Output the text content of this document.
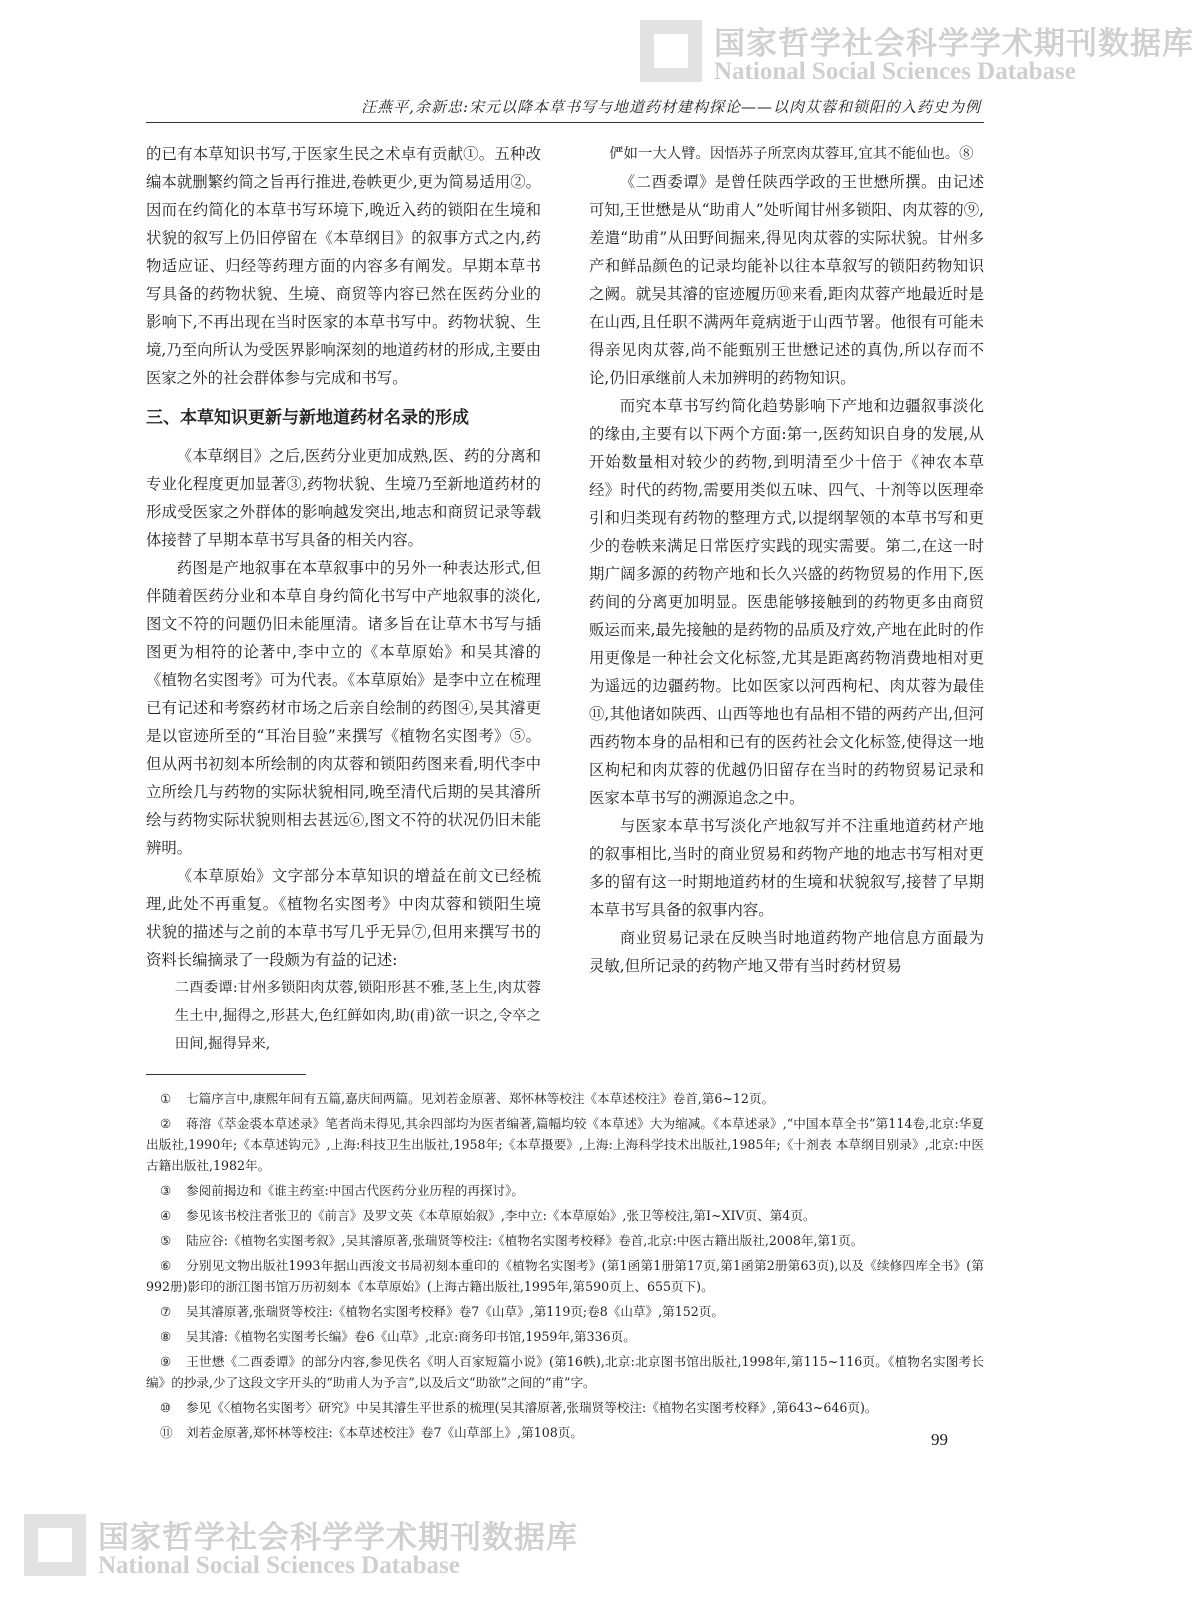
国家哲学社会科学学术期刊数据库
National Social Sciences Database
汪燕平,余新忠:宋元以降本草书写与地道药材建构探论——以肉苁蓉和锁阳的入药史为例

的已有本草知识书写,于医家生民之术卓有贡献①。五种改编本就删繁约简之旨再行推进,卷帙更少,更为简易适用②。因而在约简化的本草书写环境下,晚近入药的锁阳在生境和状貌的叙写上仍旧停留在《本草纲目》的叙事方式之内,药物适应证、归经等药理方面的内容多有阐发。早期本草书写具备的药物状貌、生境、商贸等内容已然在医药分业的影响下,不再出现在当时医家的本草书写中。药物状貌、生境,乃至向所认为受医界影响深刻的地道药材的形成,主要由医家之外的社会群体参与完成和书写。

三、本草知识更新与新地道药材名录的形成

《本草纲目》之后,医药分业更加成熟,医、药的分离和专业化程度更加显著③,药物状貌、生境乃至新地道药材的形成受医家之外群体的影响越发突出,地志和商贸记录等载体接替了早期本草书写具备的相关内容。

药图是产地叙事在本草叙事中的另外一种表达形式,但伴随着医药分业和本草自身约简化书写中产地叙事的淡化,图文不符的问题仍旧未能厘清。诸多旨在让草木书写与插图更为相符的论著中,李中立的《本草原始》和吴其濬的《植物名实图考》可为代表。《本草原始》是李中立在梳理已有记述和考察药材市场之后亲自绘制的药图④,吴其濬更是以宦迹所至的“耳治目验”来撰写《植物名实图考》⑤。但从两书初刻本所绘制的肉苁蓉和锁阳药图来看,明代李中立所绘几与药物的实际状貌相同,晚至清代后期的吴其濬所绘与药物实际状貌则相去甚远⑥,图文不符的状况仍旧未能辨明。

《本草原始》文字部分本草知识的增益在前文已经梳理,此处不再重复。《植物名实图考》中肉苁蓉和锁阳生境状貌的描述与之前的本草书写几乎无异⑦,但用来撰写书的资料长编摘录了一段颇为有益的记述:

二酉委谭:甘州多锁阳肉苁蓉,锁阳形甚不雅,茎上生,肉苁蓉生土中,掘得之,形甚大,色红鲜如肉,助(甫)欲一识之,令卒之田间,掘得异来,
俨如一大人臂。因悟苏子所烹肉苁蓉耳,宜其不能仙也。⑧

《二酉委谭》是曾任陕西学政的王世懋所撰。由记述可知,王世懋是从“助甫人”处听闻甘州多锁阳、肉苁蓉的⑨,差遣“助甫”从田野间掘来,得见肉苁蓉的实际状貌。甘州多产和鲜品颜色的记录均能补以往本草叙写的锁阳药物知识之阙。就吴其濬的宦迹履历⑩来看,距肉苁蓉产地最近时是在山西,且任职不满两年竟病逝于山西节署。他很有可能未得亲见肉苁蓉,尚不能甄别王世懋记述的真伪,所以存而不论,仍旧承继前人未加辨明的药物知识。

而究本草书写约简化趋势影响下产地和边疆叙事淡化的缘由,主要有以下两个方面:第一,医药知识自身的发展,从开始数量相对较少的药物,到明清至少十倍于《神农本草经》时代的药物,需要用类似五味、四气、十剂等以医理牵引和归类现有药物的整理方式,以提纲挈领的本草书写和更少的卷帙来满足日常医疗实践的现实需要。第二,在这一时期广阔多源的药物产地和长久兴盛的药物贸易的作用下,医药间的分离更加明显。医患能够接触到的药物更多由商贸贩运而来,最先接触的是药物的品质及疗效,产地在此时的作用更像是一种社会文化标签,尤其是距离药物消费地相对更为遥远的边疆药物。比如医家以河西枸杞、肉苁蓉为最佳⑪,其他诸如陕西、山西等地也有品相不错的两药产出,但河西药物本身的品相和已有的医药社会文化标签,使得这一地区枸杞和肉苁蓉的优越仍旧留存在当时的药物贸易记录和医家本草书写的溯源追念之中。

与医家本草书写淡化产地叙写并不注重地道药材产地的叙事相比,当时的商业贸易和药物产地的地志书写相对更多的留有这一时期地道药材的生境和状貌叙写,接替了早期本草书写具备的叙事内容。

商业贸易记录在反映当时地道药物产地信息方面最为灵敏,但所记录的药物产地又带有当时药材贸易

① 七篇序言中,康熙年间有五篇,嘉庆间两篇。见刘若金原著、郑怀林等校注《本草述校注》卷首,第6~12页。
② 蒋溶《萃金裘本草述录》笔者尚未得见,其余四部均为医者编著,篇幅均较《本草述》大为缩减。《本草述录》,“中国本草全书”第114卷,北京:华夏出版社,1990年;《本草述钩元》,上海:科技卫生出版社,1958年;《本草摄要》,上海:上海科学技术出版社,1985年;《十剂表 本草纲目别录》,北京:中医古籍出版社,1982年。
③ 参阅前揭边和《谁主药室:中国古代医药分业历程的再探讨》。
④ 参见该书校注者张卫的《前言》及罗文英《本草原始叙》,李中立:《本草原始》,张卫等校注,第Ⅰ~XIV页、第4页。
⑤ 陆应谷:《植物名实图考叙》,吴其濬原著,张瑞贤等校注:《植物名实图考校释》卷首,北京:中医古籍出版社,2008年,第1页。
⑥ 分别见文物出版社1993年据山西浚文书局初刻本重印的《植物名实图考》(第1函第1册第17页,第1函第2册第63页),以及《续修四库全书》(第992册)影印的浙江图书馆万历初刻本《本草原始》(上海古籍出版社,1995年,第590页上、655页下)。
⑦ 吴其濬原著,张瑞贤等校注:《植物名实图考校释》卷7《山草》,第119页;卷8《山草》,第152页。
⑧ 吴其濬:《植物名实图考长编》卷6《山草》,北京:商务印书馆,1959年,第336页。
⑨ 王世懋《二酉委谭》的部分内容,参见佚名《明人百家短篇小说》(第16帙),北京:北京图书馆出版社,1998年,第115~116页。《植物名实图考长编》的抄录,少了这段文字开头的“助甫人为予言”,以及后文“助欲”之间的“甫”字。
⑩ 参见《〈植物名实图考〉研究》中吴其濬生平世系的梳理(吴其濬原著,张瑞贤等校注:《植物名实图考校释》,第643~646页)。
⑪ 刘若金原著,郑怀林等校注:《本草述校注》卷7《山草部上》,第108页。	99
国家哲学社会科学学术期刊数据库
National Social Sciences Database
